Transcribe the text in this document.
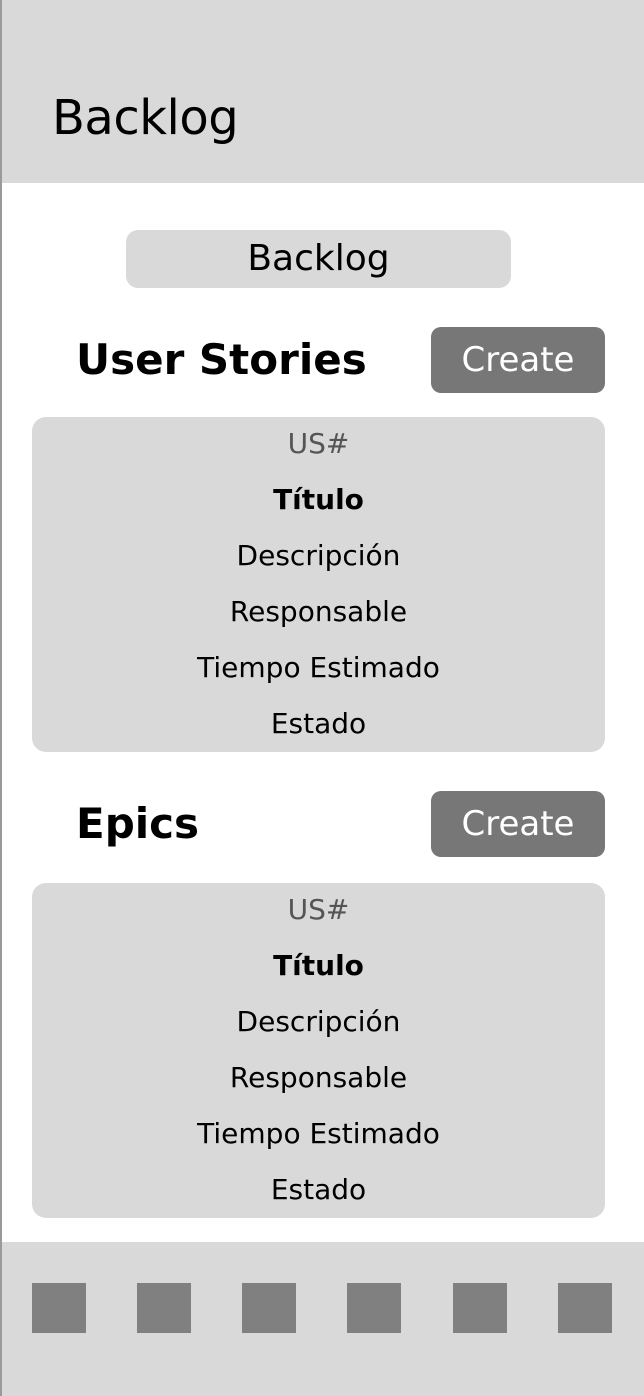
Backlog
Backlog
User Stories	Create
US#
Título
Descripción
Responsable
Tiempo Estimado
Estado
Epics	Create
US#
Título
Descripción
Responsable
Tiempo Estimado
Estado
